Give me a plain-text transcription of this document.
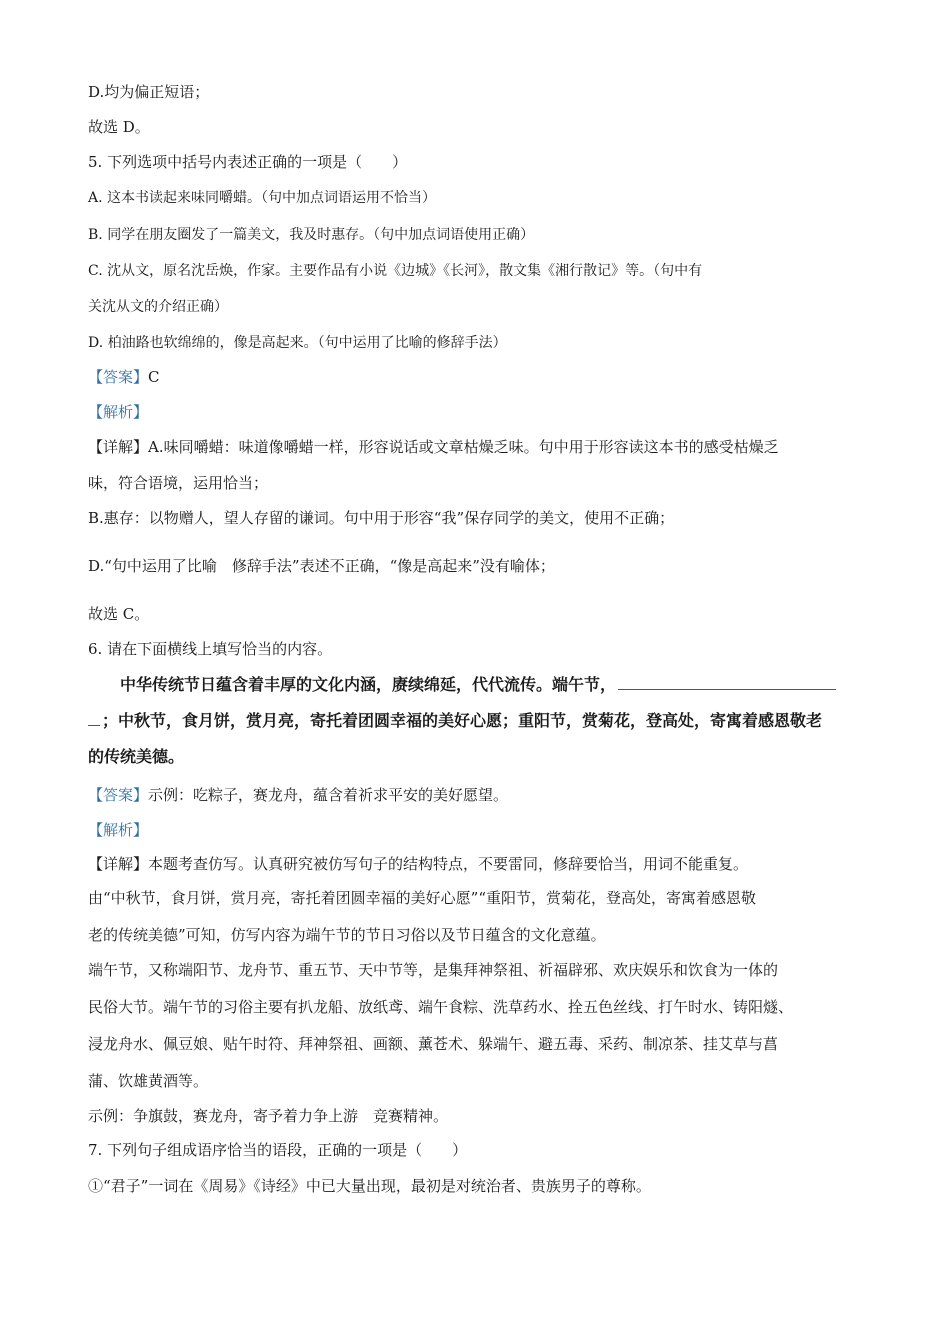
D.均为偏正短语；
故选 D。
5. 下列选项中括号内表述正确的一项是（　　）
A. 这本书读起来味同嚼蜡。（句中加点词语运用不恰当）
B. 同学在朋友圈发了一篇美文，我及时惠存。（句中加点词语使用正确）
C. 沈从文，原名沈岳焕，作家。主要作品有小说《边城》《长河》，散文集《湘行散记》等。（句中有
关沈从文的介绍正确）
D. 柏油路也软绵绵的，像是高起来。（句中运用了比喻的修辞手法）
【答案】C
【解析】
【详解】A.味同嚼蜡：味道像嚼蜡一样，形容说话或文章枯燥乏味。句中用于形容读这本书的感受枯燥乏
味，符合语境，运用恰当；
B.惠存：以物赠人，望人存留的谦词。句中用于形容“我”保存同学的美文，使用不正确；
D.“句中运用了比喻　修辞手法”表述不正确，“像是高起来”没有喻体；
故选 C。
6. 请在下面横线上填写恰当的内容。
中华传统节日蕴含着丰厚的文化内涵，赓续绵延，代代流传。端午节，
；中秋节，食月饼，赏月亮，寄托着团圆幸福的美好心愿；重阳节，赏菊花，登高处，寄寓着感恩敬老
的传统美德。
【答案】示例：吃粽子，赛龙舟，蕴含着祈求平安的美好愿望。
【解析】
【详解】本题考查仿写。认真研究被仿写句子的结构特点，不要雷同，修辞要恰当，用词不能重复。
由“中秋节，食月饼，赏月亮，寄托着团圆幸福的美好心愿”“重阳节，赏菊花，登高处，寄寓着感恩敬
老的传统美德”可知，仿写内容为端午节的节日习俗以及节日蕴含的文化意蕴。
端午节，又称端阳节、龙舟节、重五节、天中节等，是集拜神祭祖、祈福辟邪、欢庆娱乐和饮食为一体的
民俗大节。端午节的习俗主要有扒龙船、放纸鸢、端午食粽、洗草药水、拴五色丝线、打午时水、铸阳燧、
浸龙舟水、佩豆娘、贴午时符、拜神祭祖、画额、薰苍术、躲端午、避五毒、采药、制凉茶、挂艾草与菖
蒲、饮雄黄酒等。
示例：争旗鼓，赛龙舟，寄予着力争上游　竞赛精神。
7. 下列句子组成语序恰当的语段，正确的一项是（　　）
①“君子”一词在《周易》《诗经》中已大量出现，最初是对统治者、贵族男子的尊称。
